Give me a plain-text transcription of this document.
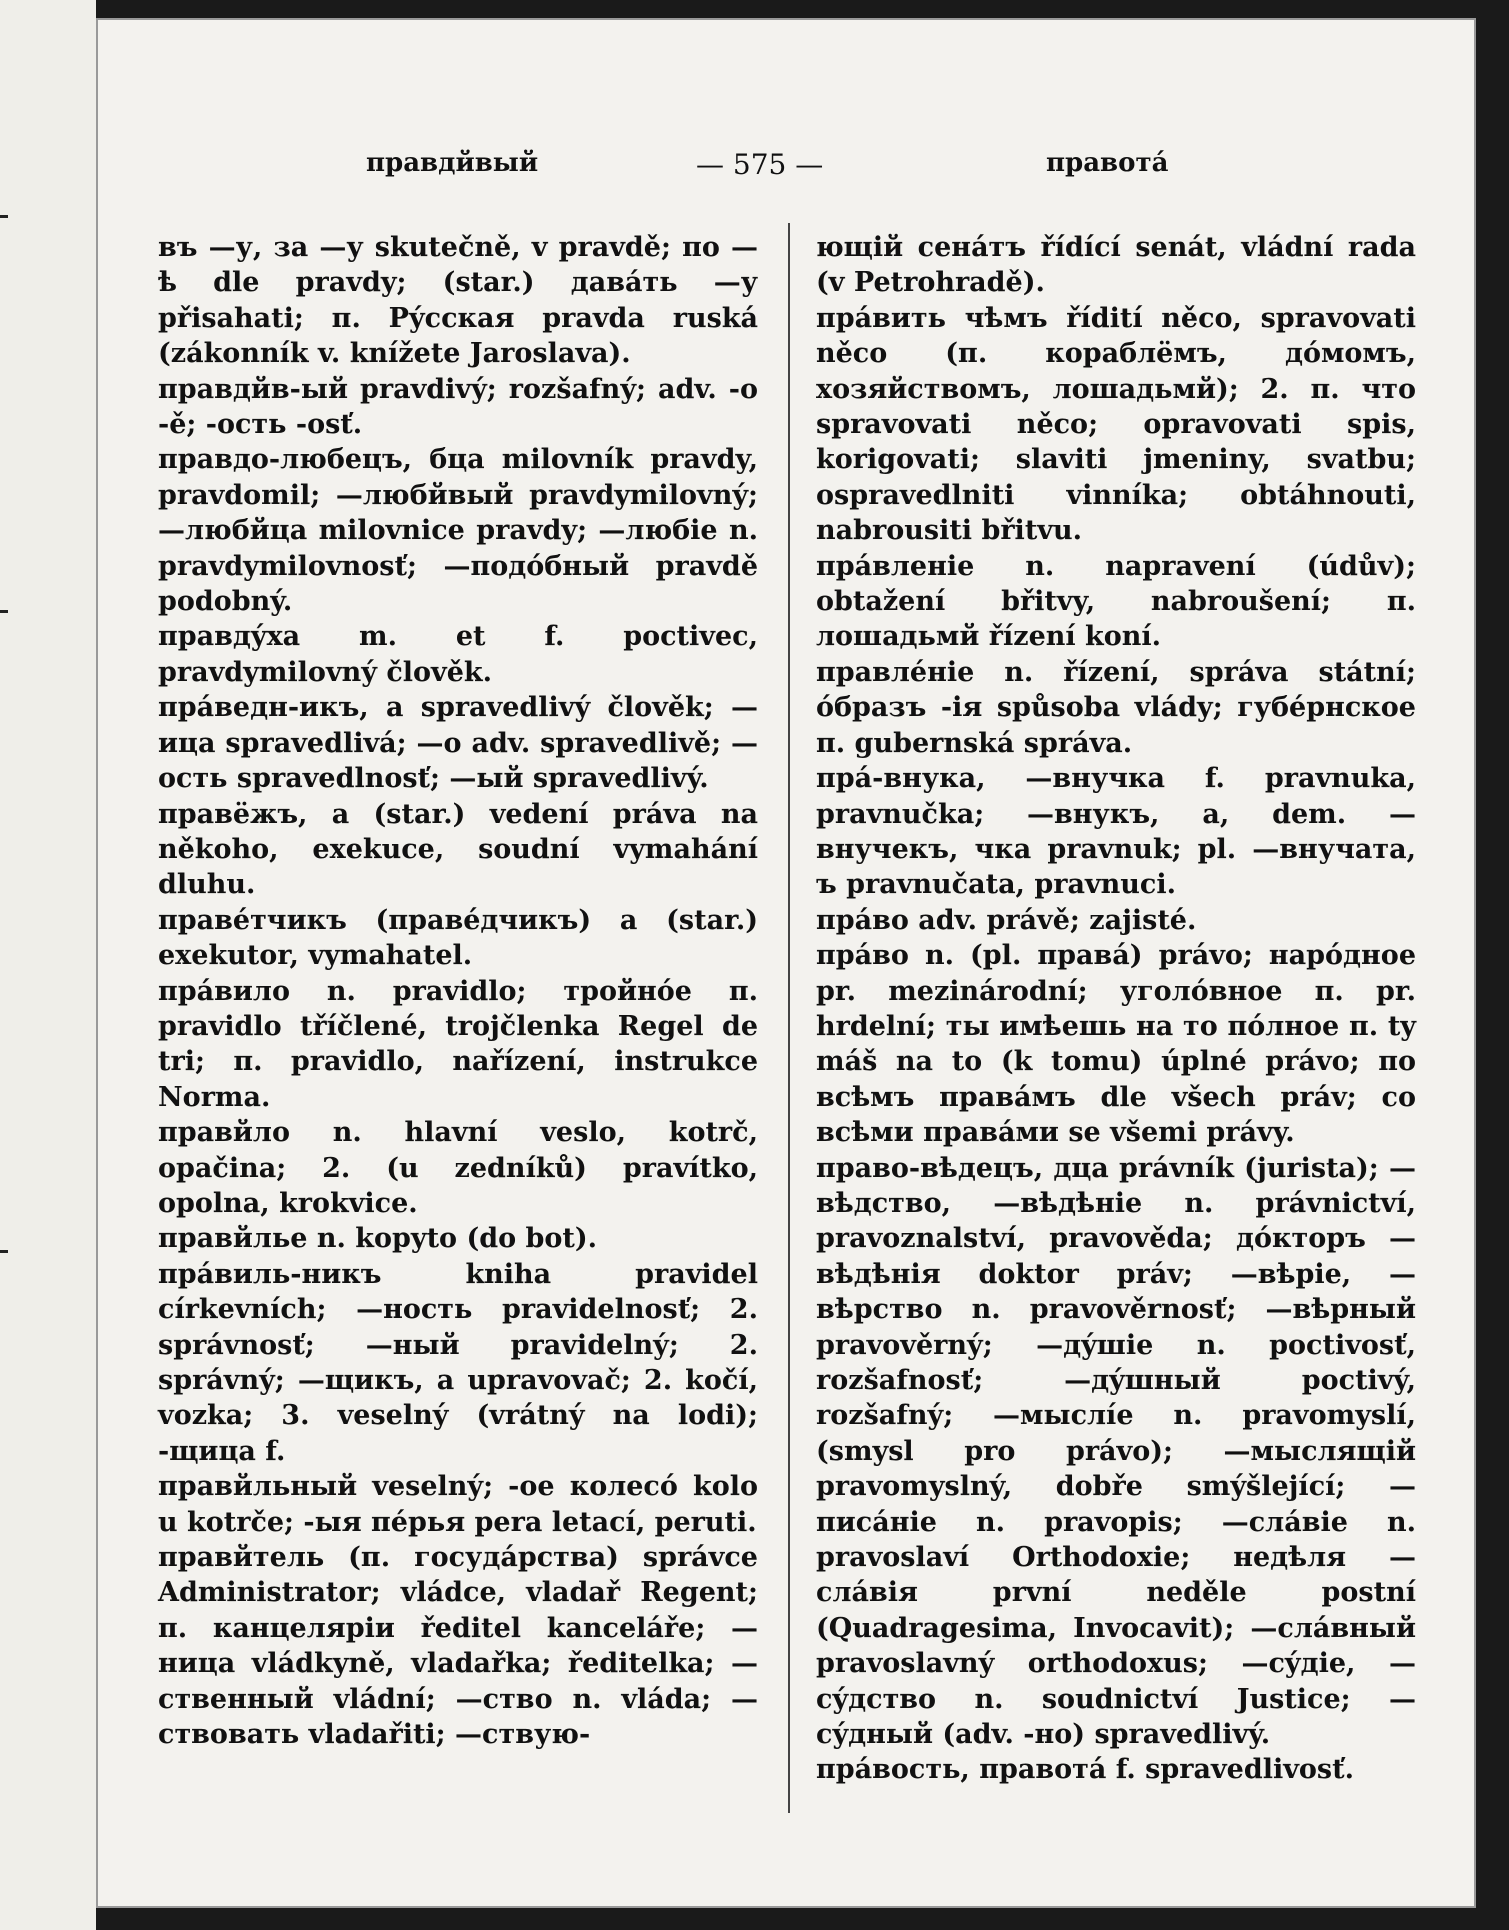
правдйвый	— 575 —	правотá

въ —у, за —у skutečně, v pravdě; по —ѣ dle pravdy; (star.) давáть —у přisahati; п. Рýсская pravda ruská (zákonník v. knížete Jaroslava).

правдйв-ый pravdivý; rozšafný; adv. -о -ě; -ость -osť.

правдо-любецъ, бца milovník pravdy, pravdomil; —любйвый pravdymilovný; —любйца milovnice pravdy; —любіе n. pravdymilovnosť; —подóбный pravdě podobný.

правдýха m. et f. poctivec, pravdymilovný člověk.

прáведн-икъ, а spravedlivý člověk; —ица spravedlivá; —о adv. spravedlivě; —ость spravedlnosť; —ый spravedlivý.

правёжъ, а (star.) vedení práva na někoho, exekuce, soudní vymahání dluhu.

правéтчикъ (правéдчикъ) а (star.) exekutor, vymahatel.

прáвило n. pravidlo; тройнóе п. pravidlo tříčlené, trojčlenka Regel de tri; п. pravidlo, nařízení, instrukce Norma.

правйло n. hlavní veslo, kotrč, opačina; 2. (u zedníků) pravítko, opolna, krokvice.

правйлье n. kopyto (do bot).

прáвиль-никъ kniha pravidel církevních; —ность pravidelnosť; 2. správnosť; —ный pravidelný; 2. správný; —щикъ, а upravovač; 2. kočí, vozka; 3. veselný (vrátný na lodi); -щица f.

правйльный veselný; -ое колесó kolo u kotrče; -ыя пéрья pera letací, peruti.

правйтель (п. госудáрства) správce Administrator; vládce, vladař Regent; п. канцеляріи ředitel kanceláře; —ница vládkyně, vladařka; ředitelka; —ственный vládní; —ство n. vláda; —ствовать vladařiti; —ствую-

ющій сенáтъ řídící senát, vládní rada (v Petrohradě).

прáвить чѣмъ řídití něco, spravovati něco (п. кораблёмъ, дóмомъ, хозяйствомъ, лошадьмй); 2. п. что spravovati něco; opravovati spis, korigovati; slaviti jmeniny, svatbu; ospravedlniti vinníka; obtáhnouti, nabrousiti břitvu.

прáвленіе n. napravení (údův); obtažení břitvy, nabroušení; п. лошадьмй řízení koní.

правлéніе n. řízení, správa státní; óбразъ -ія spůsoba vlády; губéрнское п. gubernská správa.

прá-внука, —внучка f. pravnuka, pravnučka; —внукъ, а, dem. —внучекъ, чка pravnuk; pl. —внучата, ъ pravnučata, pravnuci.

прáво adv. právě; zajisté.

прáво n. (pl. правá) právo; нарóдное pr. mezinárodní; уголóвное п. pr. hrdelní; ты имѣешь на то пóлное п. ty máš na to (k tomu) úplné právo; по всѣмъ правáмъ dle všech práv; со всѣми правáми se všemi právy.

право-вѣдецъ, дца právník (jurista); —вѣдство, —вѣдѣніе n. právnictví, pravoznalství, pravověda; дóкторъ —вѣдѣнія doktor práv; —вѣріе, —вѣрство n. pravověrnosť; —вѣрный pravověrný; —дýшіе n. poctivosť, rozšafnosť; —дýшный poctivý, rozšafný; —мыслíе n. pravomyslí, (smysl pro právo); —мыслящій pravomyslný, dobře smýšlející; —писáніе n. pravopis; —слáвіе n. pravoslaví Orthodoxie; недѣля —слáвія první neděle postní (Quadragesima, Invocavit); —слáвный pravoslavný orthodoxus; —сýдіе, —сýдство n. soudnictví Justice; —сýдный (adv. -но) spravedlivý.

прáвость, правотá f. spravedlivosť.
